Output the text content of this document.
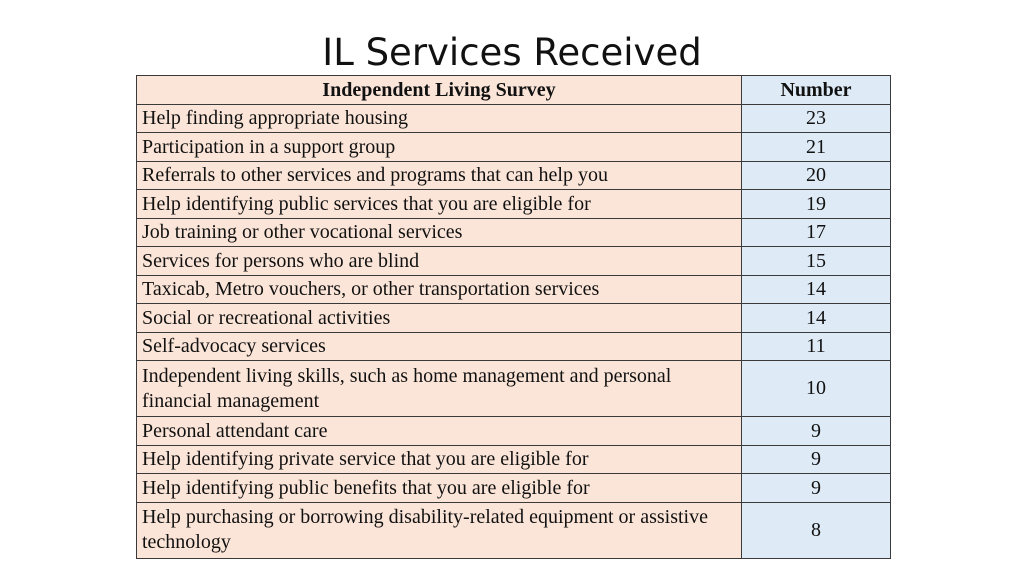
IL Services Received
Independent Living Survey	Number
Help finding appropriate housing	23
Participation in a support group	21
Referrals to other services and programs that can help you	20
Help identifying public services that you are eligible for	19
Job training or other vocational services	17
Services for persons who are blind	15
Taxicab, Metro vouchers, or other transportation services	14
Social or recreational activities	14
Self-advocacy services	11
Independent living skills, such as home management and personal financial management	10
Personal attendant care	9
Help identifying private service that you are eligible for	9
Help identifying public benefits that you are eligible for	9
Help purchasing or borrowing disability-related equipment or assistive technology	8
